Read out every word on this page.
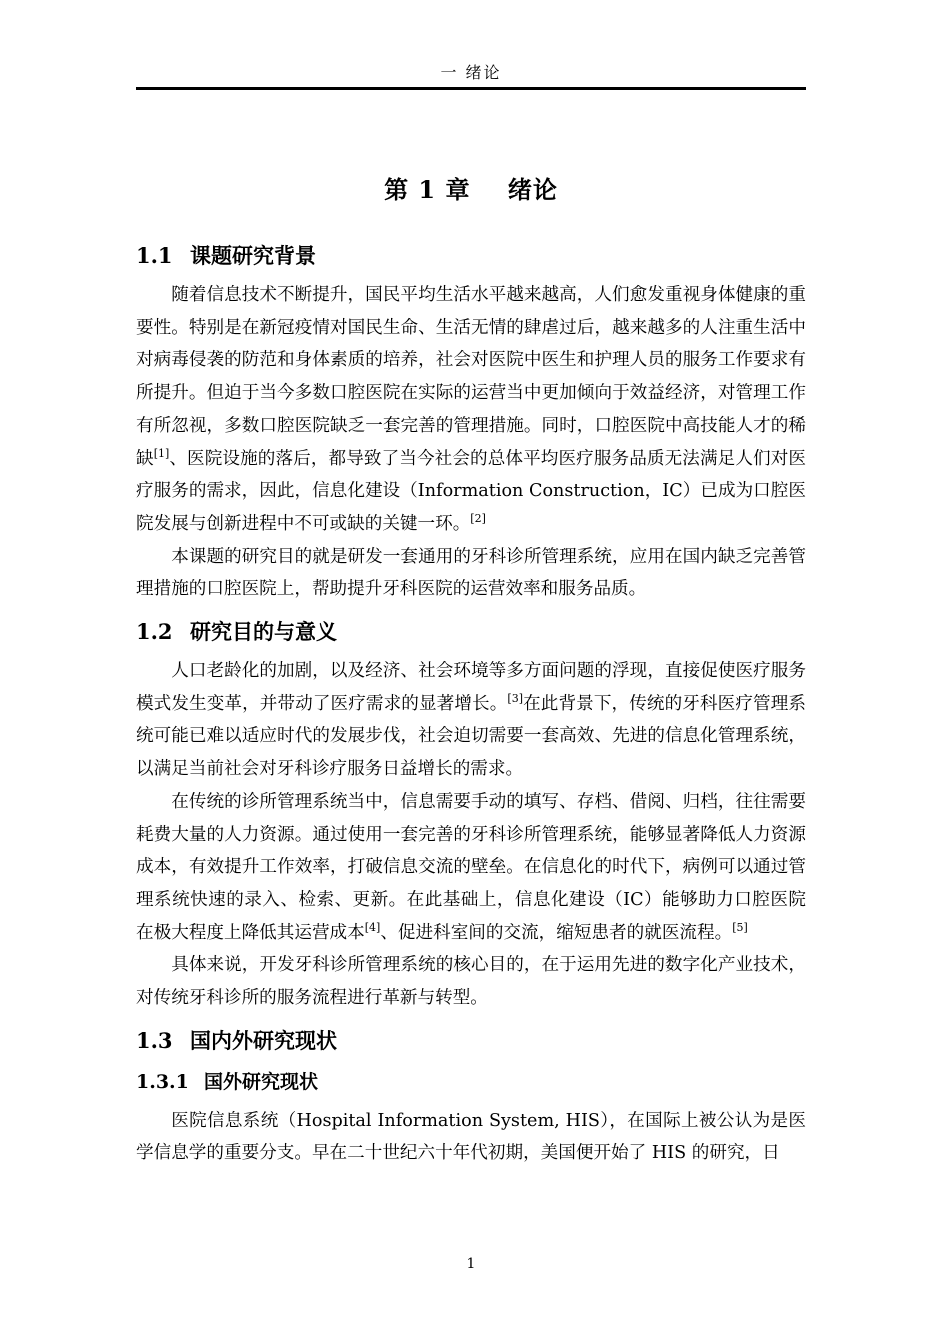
一 绪论
第 1 章    绪论
1.1 课题研究背景

随着信息技术不断提升，国民平均生活水平越来越高，人们愈发重视身体健康的重要性。特别是在新冠疫情对国民生命、生活无情的肆虐过后，越来越多的人注重生活中对病毒侵袭的防范和身体素质的培养，社会对医院中医生和护理人员的服务工作要求有所提升。但迫于当今多数口腔医院在实际的运营当中更加倾向于效益经济，对管理工作有所忽视，多数口腔医院缺乏一套完善的管理措施。同时，口腔医院中高技能人才的稀缺[1]、医院设施的落后，都导致了当今社会的总体平均医疗服务品质无法满足人们对医疗服务的需求，因此，信息化建设（Information Construction，IC）已成为口腔医院发展与创新进程中不可或缺的关键一环。[2]

本课题的研究目的就是研发一套通用的牙科诊所管理系统，应用在国内缺乏完善管理措施的口腔医院上，帮助提升牙科医院的运营效率和服务品质。

1.2 研究目的与意义

人口老龄化的加剧，以及经济、社会环境等多方面问题的浮现，直接促使医疗服务模式发生变革，并带动了医疗需求的显著增长。[3]在此背景下，传统的牙科医疗管理系统可能已难以适应时代的发展步伐，社会迫切需要一套高效、先进的信息化管理系统，以满足当前社会对牙科诊疗服务日益增长的需求。

在传统的诊所管理系统当中，信息需要手动的填写、存档、借阅、归档，往往需要耗费大量的人力资源。通过使用一套完善的牙科诊所管理系统，能够显著降低人力资源成本，有效提升工作效率，打破信息交流的壁垒。在信息化的时代下，病例可以通过管理系统快速的录入、检索、更新。在此基础上，信息化建设（IC）能够助力口腔医院在极大程度上降低其运营成本[4]、促进科室间的交流，缩短患者的就医流程。[5]

具体来说，开发牙科诊所管理系统的核心目的，在于运用先进的数字化产业技术，对传统牙科诊所的服务流程进行革新与转型。

1.3 国内外研究现状
1.3.1 国外研究现状

医院信息系统（Hospital Information System, HIS），在国际上被公认为是医学信息学的重要分支。早在二十世纪六十年代初期，美国便开始了 HIS 的研究，日

1
